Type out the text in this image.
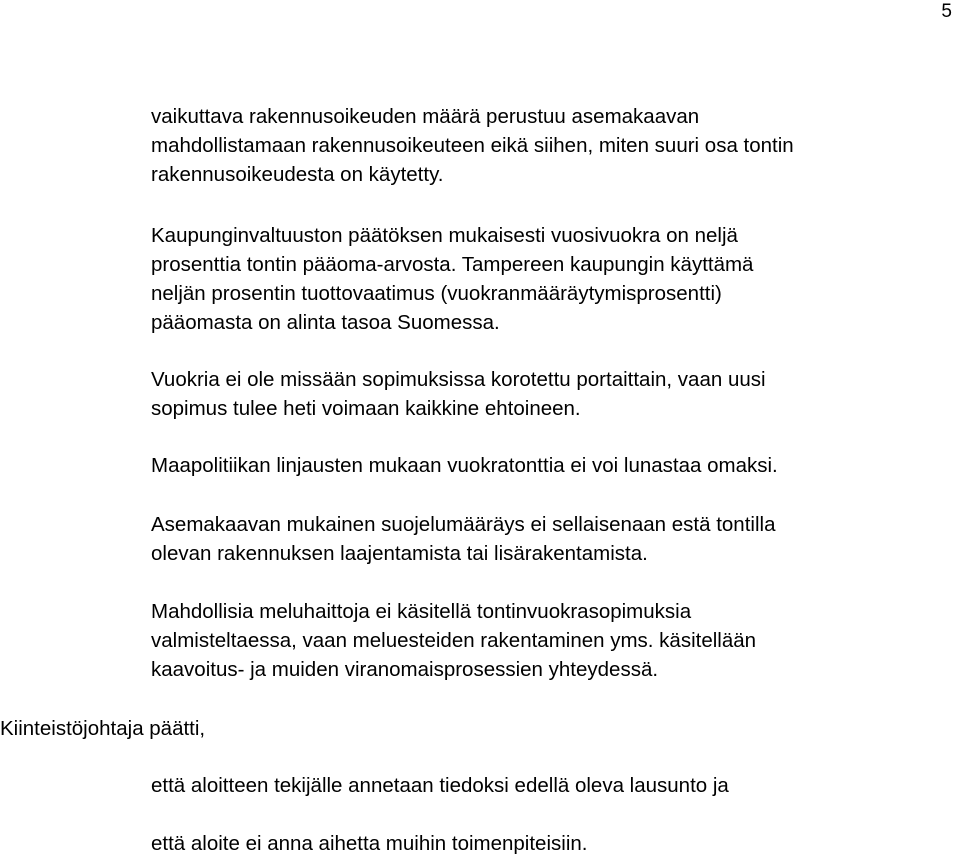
5

vaikuttava rakennusoikeuden määrä perustuu asemakaavan
mahdollistamaan rakennusoikeuteen eikä siihen, miten suuri osa tontin
rakennusoikeudesta on käytetty.

Kaupunginvaltuuston päätöksen mukaisesti vuosivuokra on neljä
prosenttia tontin pääoma-arvosta. Tampereen kaupungin käyttämä
neljän prosentin tuottovaatimus (vuokranmääräytymisprosentti)
pääomasta on alinta tasoa Suomessa.

Vuokria ei ole missään sopimuksissa korotettu portaittain, vaan uusi
sopimus tulee heti voimaan kaikkine ehtoineen.

Maapolitiikan linjausten mukaan vuokratonttia ei voi lunastaa omaksi.

Asemakaavan mukainen suojelumääräys ei sellaisenaan estä tontilla
olevan rakennuksen laajentamista tai lisärakentamista.

Mahdollisia meluhaittoja ei käsitellä tontinvuokrasopimuksia
valmisteltaessa, vaan meluesteiden rakentaminen yms. käsitellään
kaavoitus- ja muiden viranomaisprosessien yhteydessä.

Kiinteistöjohtaja päätti,

että aloitteen tekijälle annetaan tiedoksi edellä oleva lausunto ja

että aloite ei anna aihetta muihin toimenpiteisiin.
